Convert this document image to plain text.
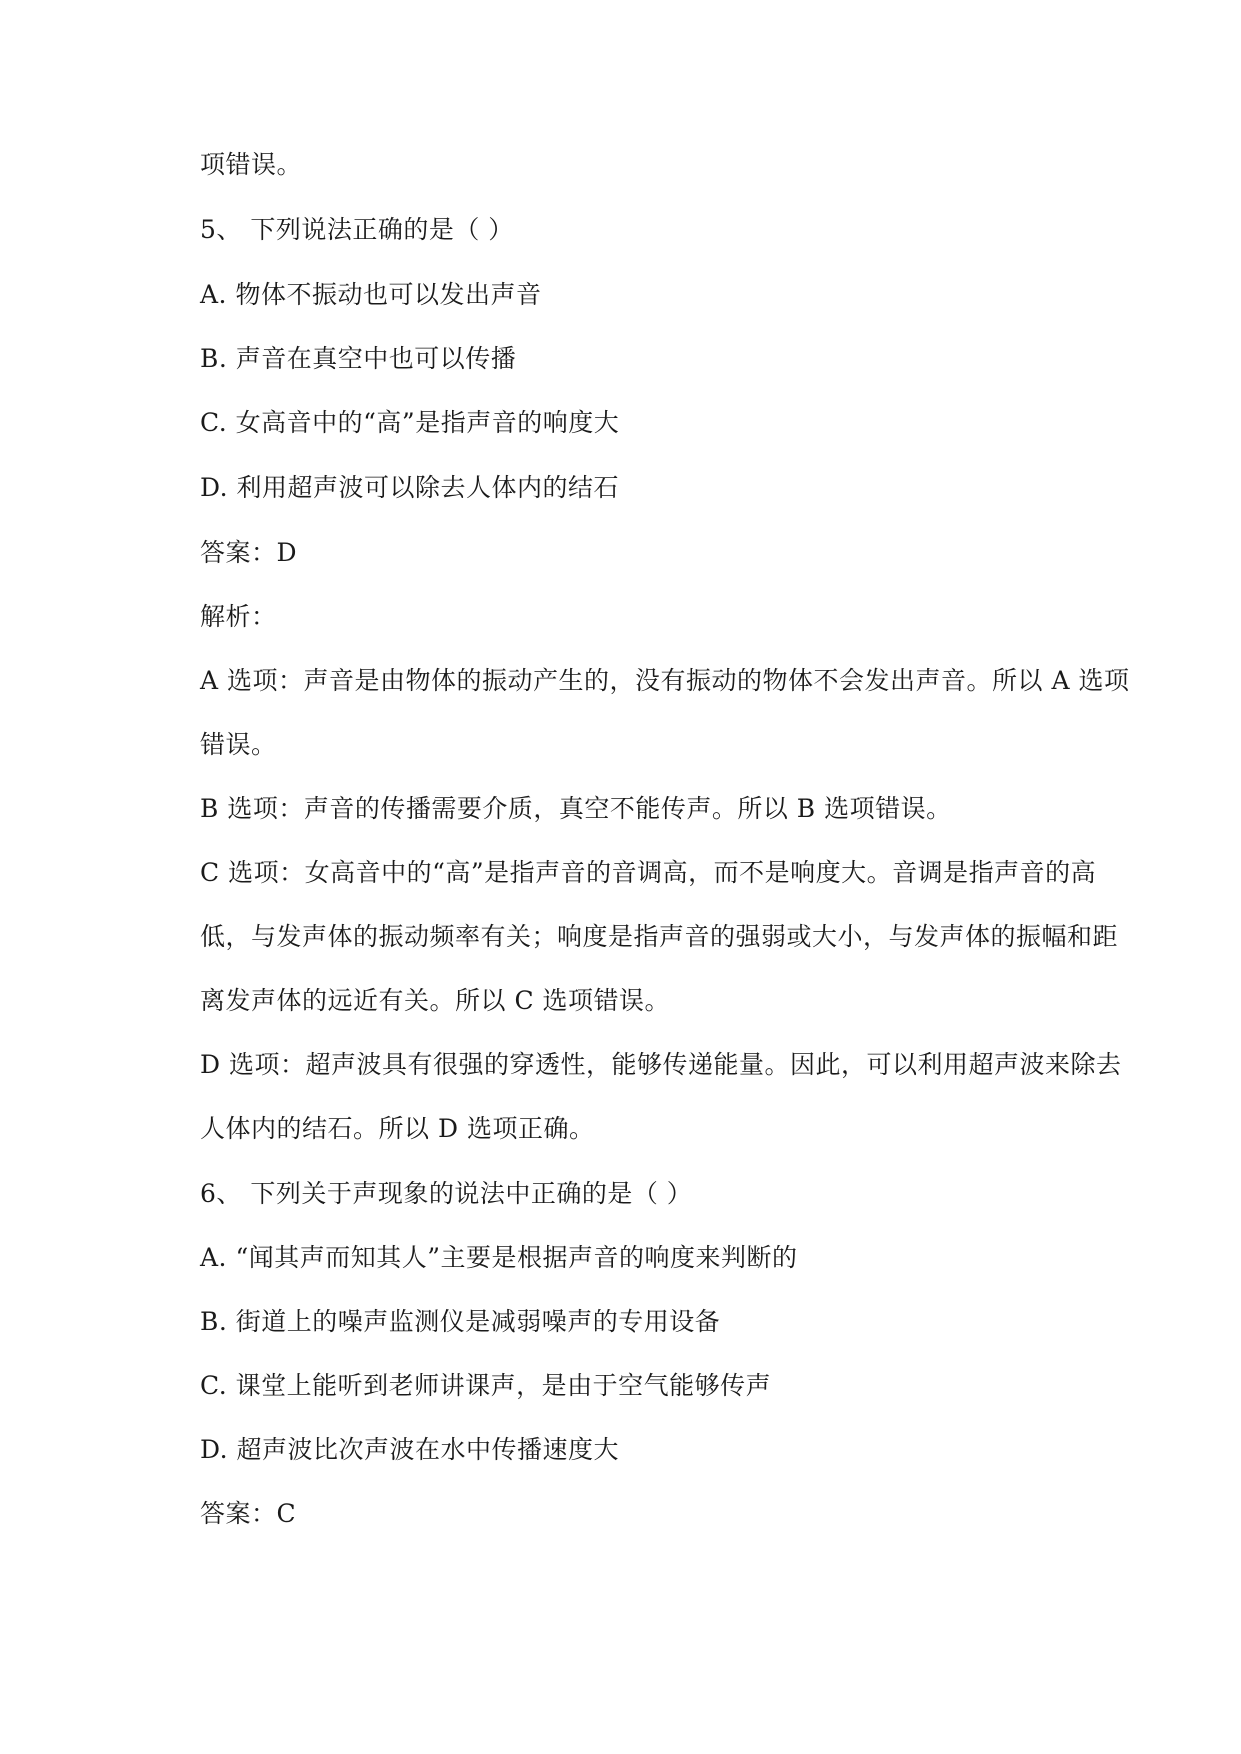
项错误。

5、 下列说法正确的是（ ）

A. 物体不振动也可以发出声音

B. 声音在真空中也可以传播

C. 女高音中的“高”是指声音的响度大

D. 利用超声波可以除去人体内的结石

答案：D

解析：

A 选项：声音是由物体的振动产生的，没有振动的物体不会发出声音。所以 A 选项

错误。

B 选项：声音的传播需要介质，真空不能传声。所以 B 选项错误。

C 选项：女高音中的“高”是指声音的音调高，而不是响度大。音调是指声音的高

低，与发声体的振动频率有关；响度是指声音的强弱或大小，与发声体的振幅和距

离发声体的远近有关。所以 C 选项错误。

D 选项：超声波具有很强的穿透性，能够传递能量。因此，可以利用超声波来除去

人体内的结石。所以 D 选项正确。

6、 下列关于声现象的说法中正确的是（ ）

A. “闻其声而知其人”主要是根据声音的响度来判断的

B. 街道上的噪声监测仪是减弱噪声的专用设备

C. 课堂上能听到老师讲课声，是由于空气能够传声

D. 超声波比次声波在水中传播速度大

答案：C
